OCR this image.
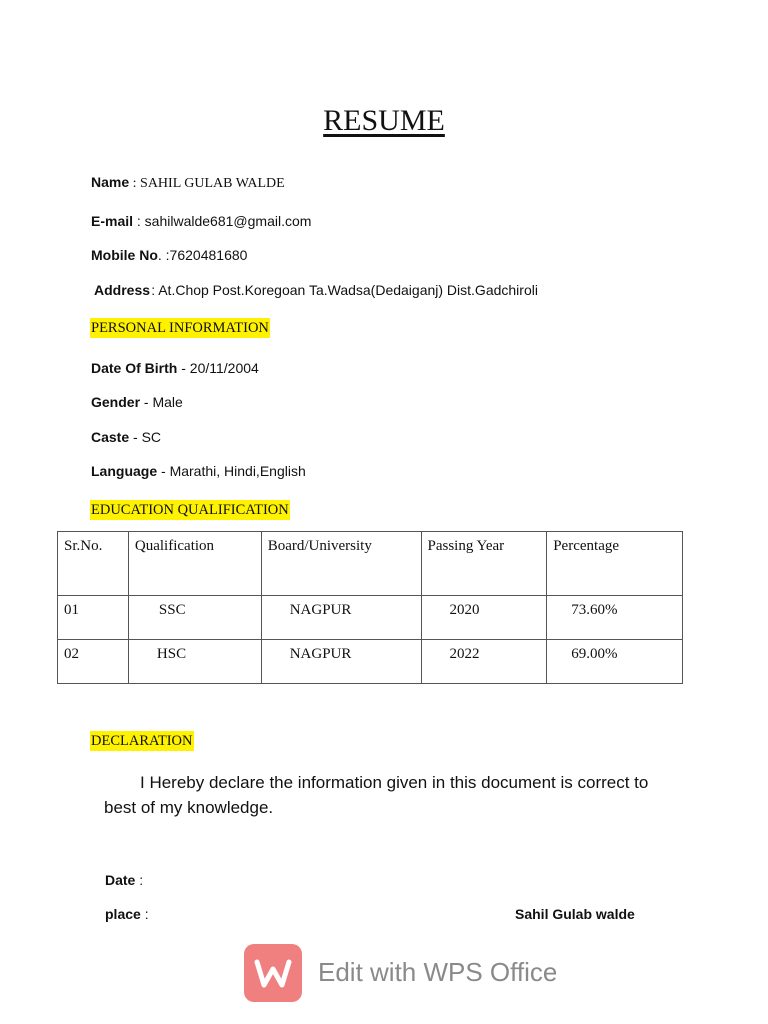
RESUME
Name : SAHIL GULAB WALDE
E-mail : sahilwalde681@gmail.com
Mobile No. :7620481680
Address : At.Chop Post.Koregoan Ta.Wadsa(Dedaiganj) Dist.Gadchiroli
PERSONAL INFORMATION
Date Of Birth - 20/11/2004
Gender - Male
Caste - SC
Language - Marathi, Hindi,English
EDUCATION QUALIFICATION
Sr.No.	Qualification	Board/University	Passing Year	Percentage
01	SSC	NAGPUR	2020	73.60%
02	HSC	NAGPUR	2022	69.00%
DECLARATION
I Hereby declare the information given in this document is correct to best of my knowledge.
Date :
place :	Sahil Gulab walde
Edit with WPS Office
